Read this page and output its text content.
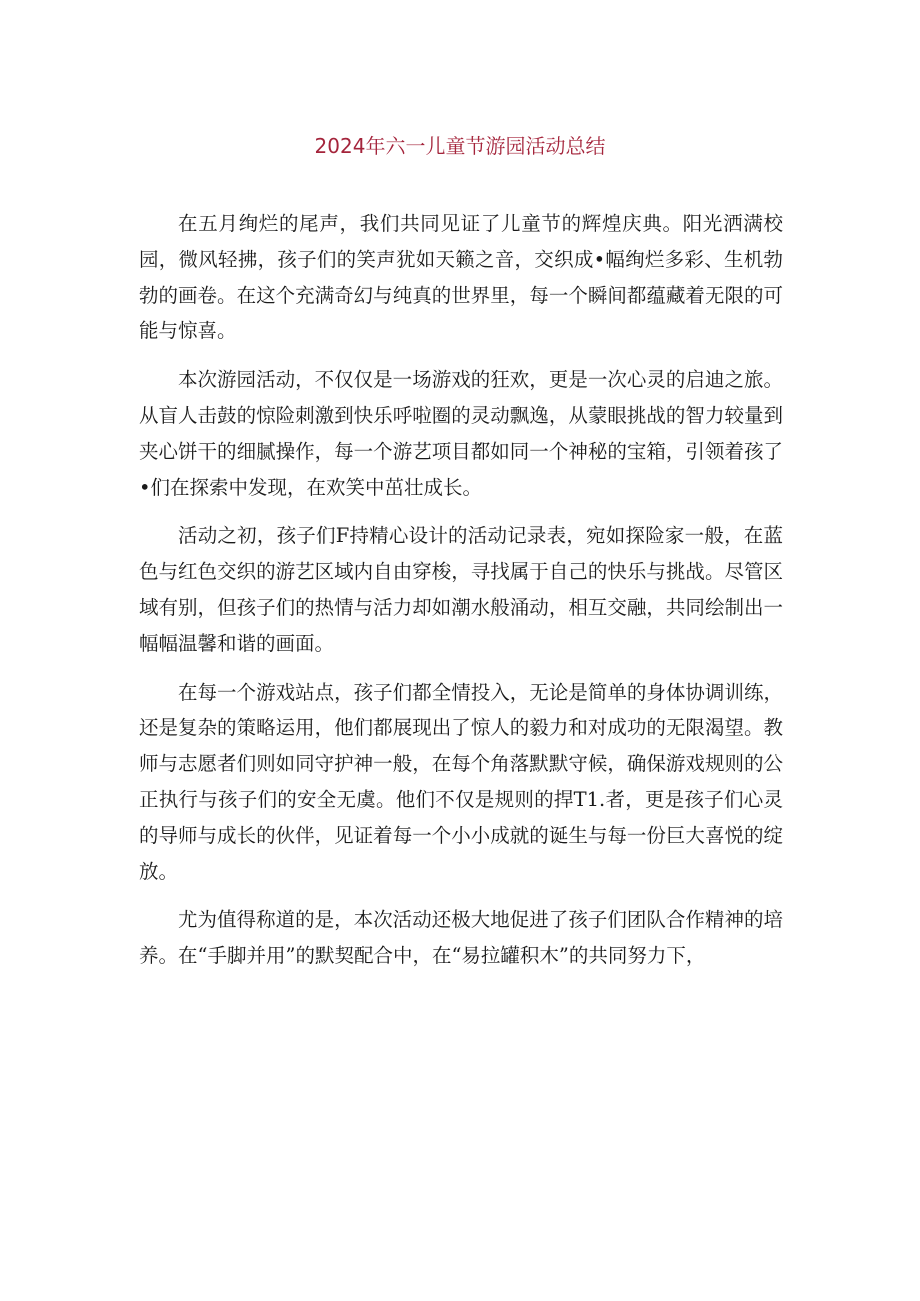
2024年六一儿童节游园活动总结

在五月绚烂的尾声，我们共同见证了儿童节的辉煌庆典。阳光洒满校园，微风轻拂，孩子们的笑声犹如天籁之音，交织成•幅绚烂多彩、生机勃勃的画卷。在这个充满奇幻与纯真的世界里，每一个瞬间都蕴藏着无限的可能与惊喜。

本次游园活动，不仅仅是一场游戏的狂欢，更是一次心灵的启迪之旅。从盲人击鼓的惊险刺激到快乐呼啦圈的灵动飘逸，从蒙眼挑战的智力较量到夹心饼干的细腻操作，每一个游艺项目都如同一个神秘的宝箱，引领着孩了•们在探索中发现，在欢笑中茁壮成长。

活动之初，孩子们F持精心设计的活动记录表，宛如探险家一般，在蓝色与红色交织的游艺区域内自由穿梭，寻找属于自己的快乐与挑战。尽管区域有别，但孩子们的热情与活力却如潮水般涌动，相互交融，共同绘制出一幅幅温馨和谐的画面。

在每一个游戏站点，孩子们都全情投入，无论是简单的身体协调训练，还是复杂的策略运用，他们都展现出了惊人的毅力和对成功的无限渴望。教师与志愿者们则如同守护神一般，在每个角落默默守候，确保游戏规则的公正执行与孩子们的安全无虞。他们不仅是规则的捍T1.者，更是孩子们心灵的导师与成长的伙伴，见证着每一个小小成就的诞生与每一份巨大喜悦的绽放。

尤为值得称道的是，本次活动还极大地促进了孩子们团队合作精神的培养。在“手脚并用”的默契配合中，在“易拉罐积木”的共同努力下，
